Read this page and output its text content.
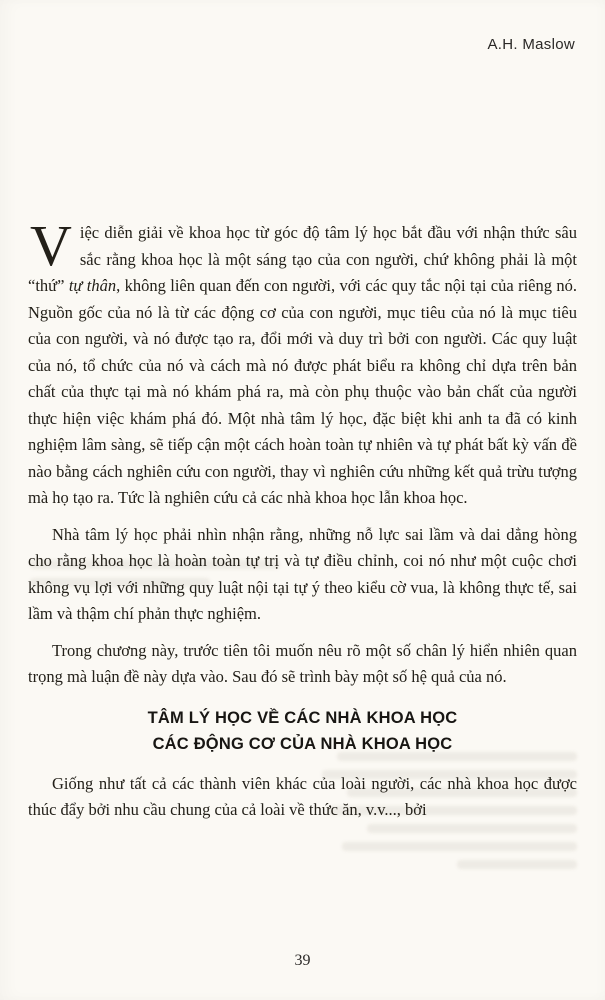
A.H. Maslow

Việc diễn giải về khoa học từ góc độ tâm lý học bắt đầu với nhận thức sâu sắc rằng khoa học là một sáng tạo của con người, chứ không phải là một “thứ” tự thân, không liên quan đến con người, với các quy tắc nội tại của riêng nó. Nguồn gốc của nó là từ các động cơ của con người, mục tiêu của nó là mục tiêu của con người, và nó được tạo ra, đổi mới và duy trì bởi con người. Các quy luật của nó, tổ chức của nó và cách mà nó được phát biểu ra không chỉ dựa trên bản chất của thực tại mà nó khám phá ra, mà còn phụ thuộc vào bản chất của người thực hiện việc khám phá đó. Một nhà tâm lý học, đặc biệt khi anh ta đã có kinh nghiệm lâm sàng, sẽ tiếp cận một cách hoàn toàn tự nhiên và tự phát bất kỳ vấn đề nào bằng cách nghiên cứu con người, thay vì nghiên cứu những kết quả trừu tượng mà họ tạo ra. Tức là nghiên cứu cả các nhà khoa học lẫn khoa học.

Nhà tâm lý học phải nhìn nhận rằng, những nỗ lực sai lầm và dai dẳng hòng cho rằng khoa học là hoàn toàn tự trị và tự điều chỉnh, coi nó như một cuộc chơi không vụ lợi với những quy luật nội tại tự ý theo kiểu cờ vua, là không thực tế, sai lầm và thậm chí phản thực nghiệm.

Trong chương này, trước tiên tôi muốn nêu rõ một số chân lý hiển nhiên quan trọng mà luận đề này dựa vào. Sau đó sẽ trình bày một số hệ quả của nó.

TÂM LÝ HỌC VỀ CÁC NHÀ KHOA HỌC
CÁC ĐỘNG CƠ CỦA NHÀ KHOA HỌC

Giống như tất cả các thành viên khác của loài người, các nhà khoa học được thúc đẩy bởi nhu cầu chung của cả loài về thức ăn, v.v..., bởi

39
